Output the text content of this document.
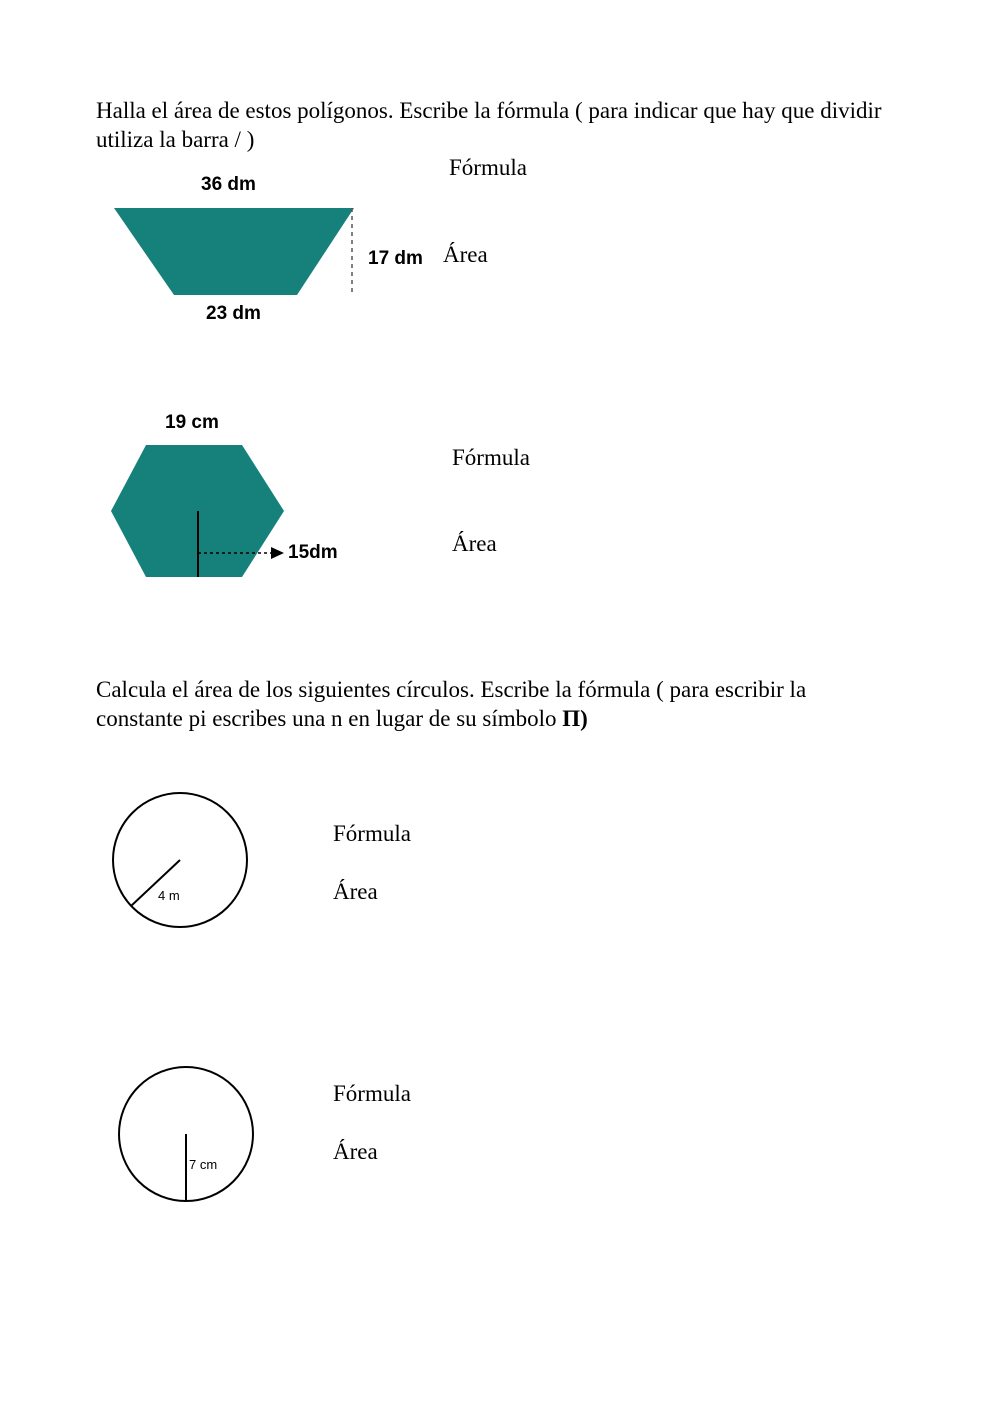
Halla el área de estos polígonos. Escribe la fórmula ( para indicar que hay que dividir utiliza la barra / )
36 dm
17 dm
23 dm
Fórmula
Área
19 cm
15dm
Fórmula
Área
Calcula el área de los siguientes círculos. Escribe la fórmula ( para escribir la constante pi escribes una n en lugar de su símbolo Π)
4 m
Fórmula
Área
7 cm
Fórmula
Área
